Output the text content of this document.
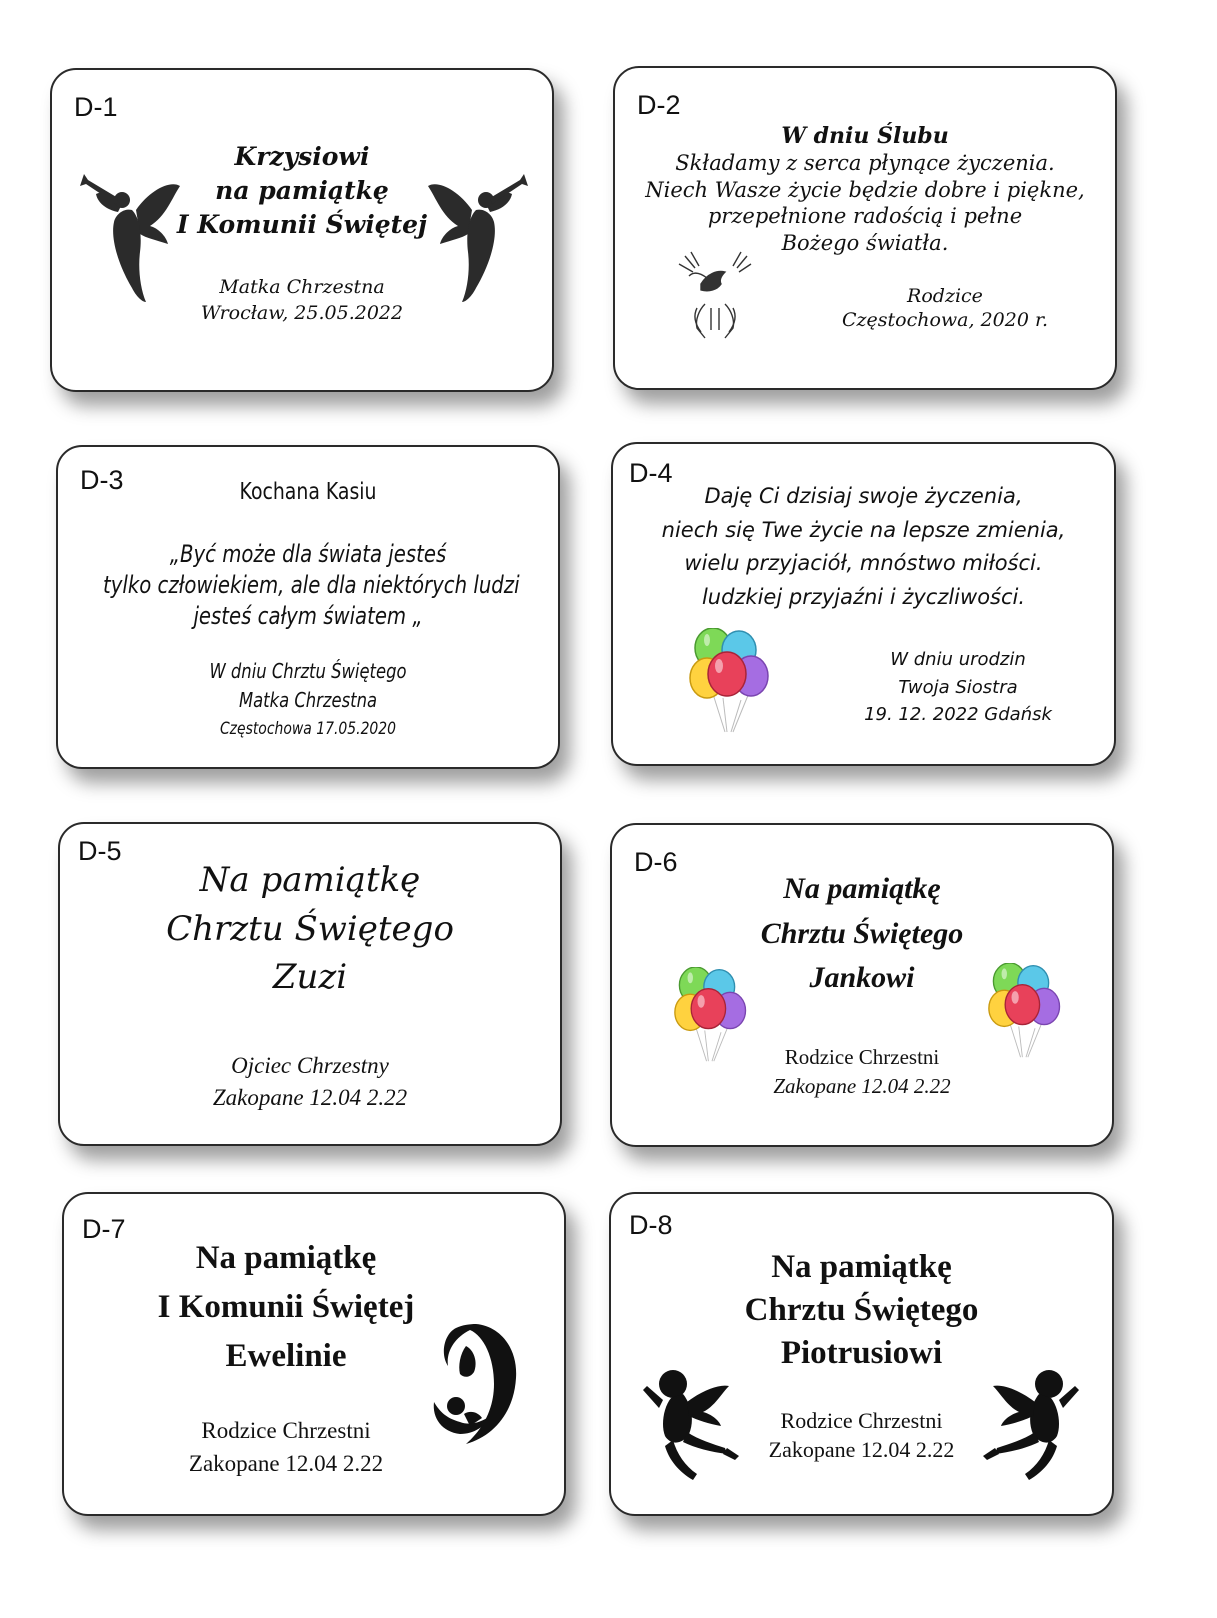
D-1
Krzysiowi
na pamiątkę
I Komunii Świętej
Matka Chrzestna
Wrocław, 25.05.2022
D-2
W dniu Ślubu
Składamy z serca płynące życzenia.
Niech Wasze życie będzie dobre i piękne,
przepełnione radością i pełne
Bożego światła.
Rodzice
Częstochowa, 2020 r.
D-3	Kochana Kasiu
„Być może dla świata jesteś
tylko człowiekiem, ale dla niektórych ludzi
jesteś całym światem „
W dniu Chrztu Świętego
Matka Chrzestna
Częstochowa 17.05.2020
D-4
Daję Ci dzisiaj swoje życzenia,
niech się Twe życie na lepsze zmienia,
wielu przyjaciół, mnóstwo miłości.
ludzkiej przyjaźni i życzliwości.
W dniu urodzin
Twoja Siostra
19. 12. 2022 Gdańsk
D-5
Na pamiątkę
Chrztu Świętego
Zuzi
Ojciec Chrzestny
Zakopane 12.04 2.22
D-6
Na pamiątkę
Chrztu Świętego
Jankowi
Rodzice Chrzestni
Zakopane 12.04 2.22
D-7
Na pamiątkę
I Komunii Świętej
Ewelinie
Rodzice Chrzestni
Zakopane 12.04 2.22
D-8
Na pamiątkę
Chrztu Świętego
Piotrusiowi
Rodzice Chrzestni
Zakopane 12.04 2.22
